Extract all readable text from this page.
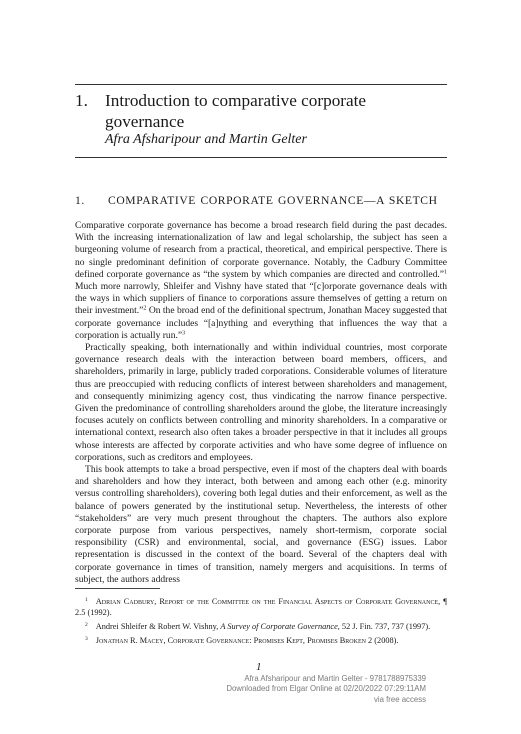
1. Introduction to comparative corporate governance
Afra Afsharipour and Martin Gelter
1. COMPARATIVE CORPORATE GOVERNANCE—A SKETCH

Comparative corporate governance has become a broad research field during the past decades. With the increasing internationalization of law and legal scholarship, the subject has seen a burgeoning volume of research from a practical, theoretical, and empirical perspective. There is no single predominant definition of corporate governance. Notably, the Cadbury Committee defined corporate governance as “the system by which companies are directed and controlled.”$^1$ Much more narrowly, Shleifer and Vishny have stated that “[c]orporate governance deals with the ways in which suppliers of finance to corporations assure themselves of getting a return on their investment.”$^2$ On the broad end of the definitional spectrum, Jonathan Macey suggested that corporate governance includes “[a]nything and everything that influences the way that a corporation is actually run.”$^3$

Practically speaking, both internationally and within individual countries, most corporate governance research deals with the interaction between board members, officers, and shareholders, primarily in large, publicly traded corporations. Considerable volumes of literature thus are preoccupied with reducing conflicts of interest between shareholders and management, and consequently minimizing agency cost, thus vindicating the narrow finance perspective. Given the predominance of controlling shareholders around the globe, the literature increasingly focuses acutely on conflicts between controlling and minority shareholders. In a comparative or international context, research also often takes a broader perspective in that it includes all groups whose interests are affected by corporate activities and who have some degree of influence on corporations, such as creditors and employees.

This book attempts to take a broad perspective, even if most of the chapters deal with boards and shareholders and how they interact, both between and among each other (e.g. minority versus controlling shareholders), covering both legal duties and their enforcement, as well as the balance of powers generated by the institutional setup. Nevertheless, the interests of other “stakeholders” are very much present throughout the chapters. The authors also explore corporate purpose from various perspectives, namely short-termism, corporate social responsibility (CSR) and environmental, social, and governance (ESG) issues. Labor representation is discussed in the context of the board. Several of the chapters deal with corporate governance in times of transition, namely mergers and acquisitions. In terms of subject, the authors address

$^1$ Adrian Cadbury, Report of the Committee on the Financial Aspects of Corporate Governance, ¶ 2.5 (1992).

$^2$ Andrei Shleifer & Robert W. Vishny, A Survey of Corporate Governance, 52 J. Fin. 737, 737 (1997).

$^3$ Jonathan R. Macey, Corporate Governance: Promises Kept, Promises Broken 2 (2008).

1
Afra Afsharipour and Martin Gelter - 9781788975339
Downloaded from Elgar Online at 02/20/2022 07:29:11AM
via free access
